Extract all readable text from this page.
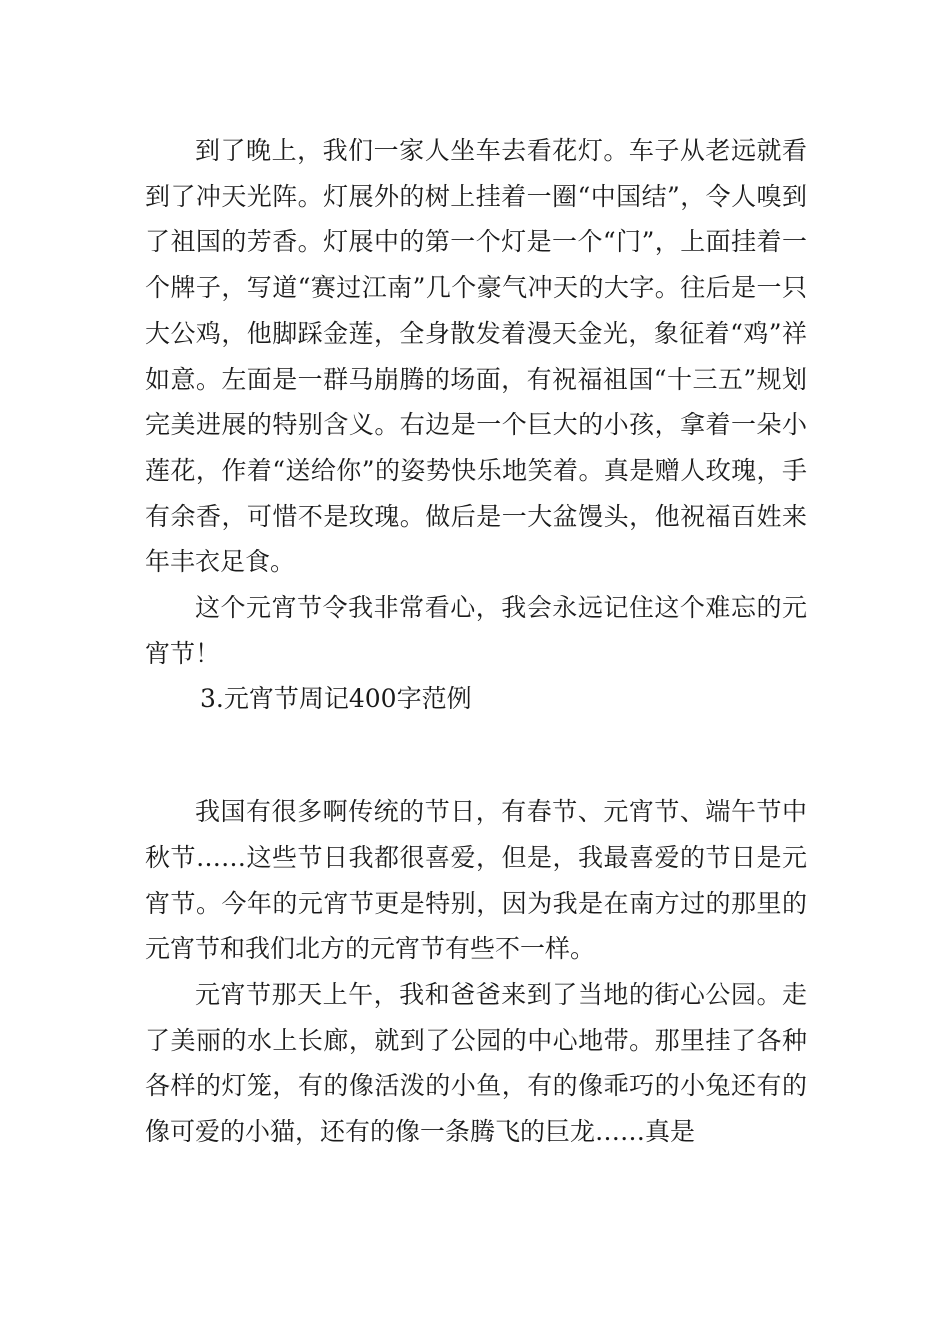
到了晚上，我们一家人坐车去看花灯。车子从老远就看到了冲天光阵。灯展外的树上挂着一圈“中国结”，令人嗅到了祖国的芳香。灯展中的第一个灯是一个“门”，上面挂着一个牌子，写道“赛过江南”几个豪气冲天的大字。往后是一只大公鸡，他脚踩金莲，全身散发着漫天金光，象征着“鸡”祥如意。左面是一群马崩腾的场面，有祝福祖国“十三五”规划完美进展的特别含义。右边是一个巨大的小孩，拿着一朵小莲花，作着“送给你”的姿势快乐地笑着。真是赠人玫瑰，手有余香，可惜不是玫瑰。做后是一大盆馒头，他祝福百姓来年丰衣足食。

这个元宵节令我非常看心，我会永远记住这个难忘的元宵节！

3.元宵节周记400字范例

我国有很多啊传统的节日，有春节、元宵节、端午节中秋节……这些节日我都很喜爱，但是，我最喜爱的节日是元宵节。今年的元宵节更是特别，因为我是在南方过的那里的元宵节和我们北方的元宵节有些不一样。

元宵节那天上午，我和爸爸来到了当地的街心公园。走了美丽的水上长廊，就到了公园的中心地带。那里挂了各种各样的灯笼，有的像活泼的小鱼，有的像乖巧的小兔还有的像可爱的小猫，还有的像一条腾飞的巨龙……真是
